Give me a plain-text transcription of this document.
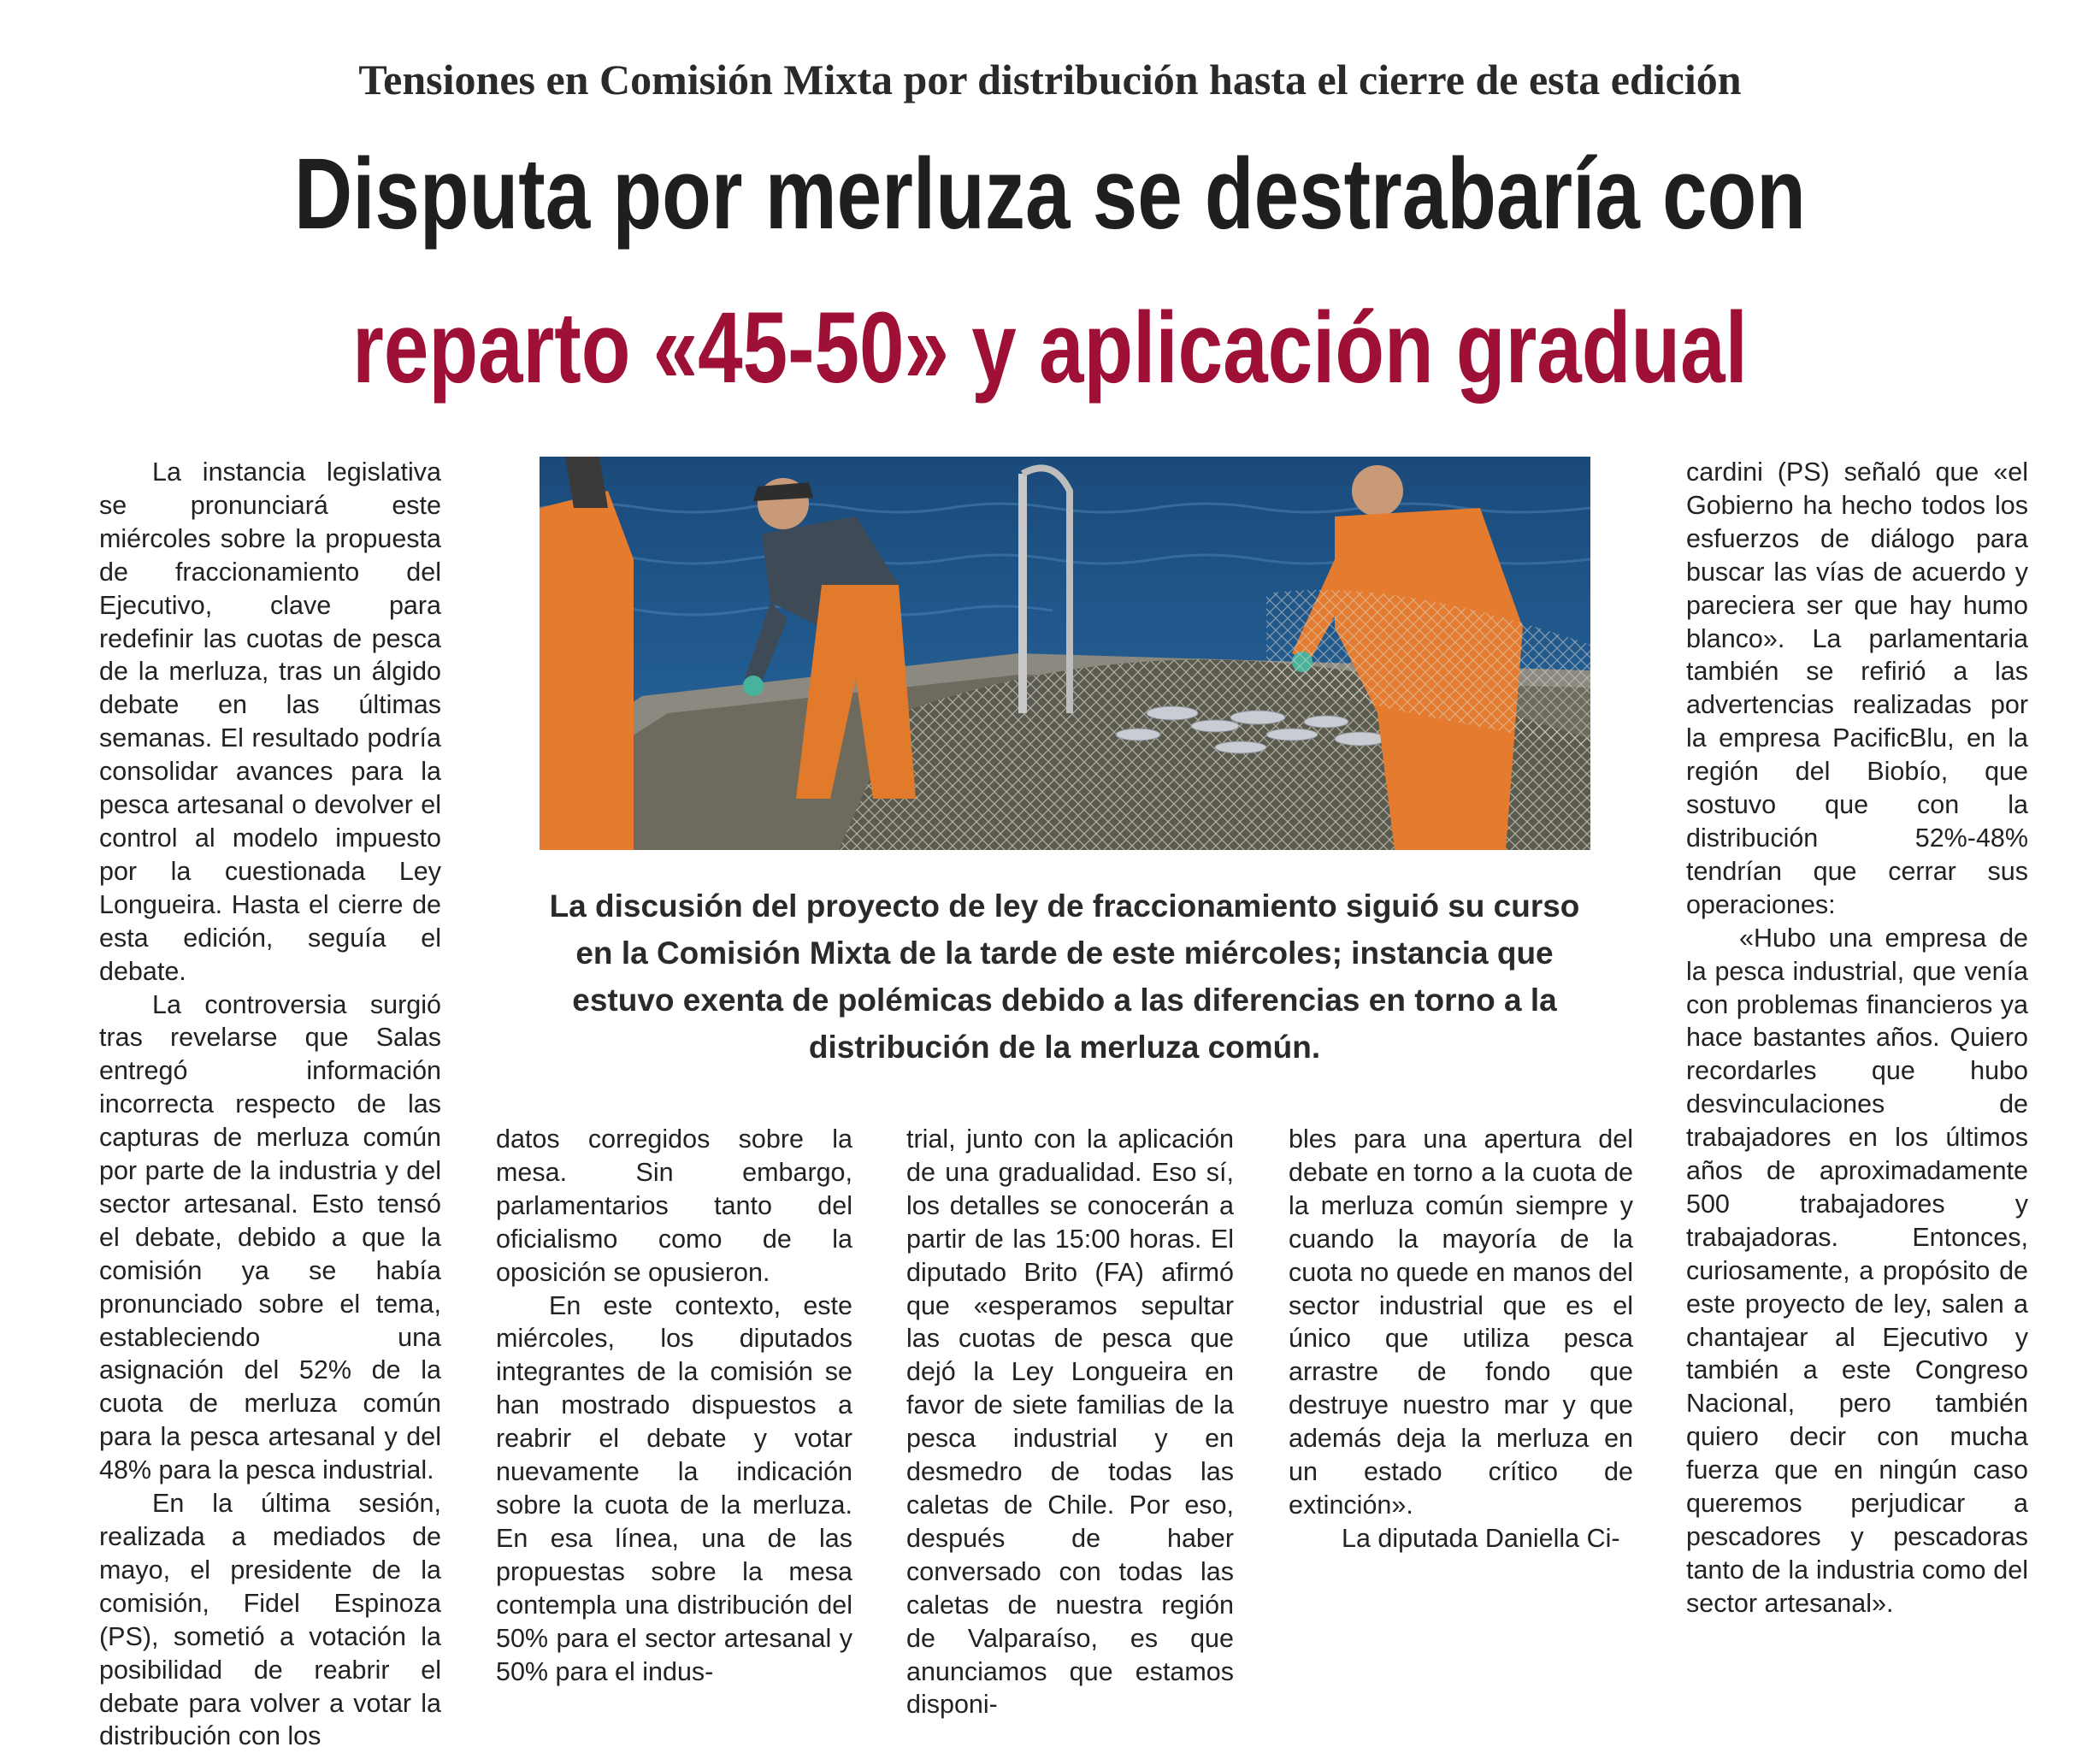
Tensiones en Comisión Mixta por distribución hasta el cierre de esta edición
Disputa por merluza se destrabaría con
reparto «45-50» y aplicación gradual

La instancia legislativa se pronunciará este miércoles sobre la propuesta de fraccionamiento del Ejecutivo, clave para redefinir las cuotas de pesca de la merluza, tras un álgido debate en las últimas semanas. El resultado podría consolidar avances para la pesca artesanal o devolver el control al modelo impuesto por la cuestionada Ley Longueira. Hasta el cierre de esta edición, seguía el debate.

La controversia surgió tras revelarse que Salas entregó información incorrecta respecto de las capturas de merluza común por parte de la industria y del sector artesanal. Esto tensó el debate, debido a que la comisión ya se había pronunciado sobre el tema, estableciendo una asignación del 52% de la cuota de merluza común para la pesca artesanal y del 48% para la pesca industrial.

En la última sesión, realizada a mediados de mayo, el presidente de la comisión, Fidel Espinoza (PS), sometió a votación la posibilidad de reabrir el debate para volver a votar la distribución con los

La discusión del proyecto de ley de fraccionamiento siguió su curso en la Comisión Mixta de la tarde de este miércoles; instancia que estuvo exenta de polémicas debido a las diferencias en torno a la distribución de la merluza común.

datos corregidos sobre la mesa. Sin embargo, parlamentarios tanto del oficialismo como de la oposición se opusieron.

En este contexto, este miércoles, los diputados integrantes de la comisión se han mostrado dispuestos a reabrir el debate y votar nuevamente la indicación sobre la cuota de la merluza. En esa línea, una de las propuestas sobre la mesa contempla una distribución del 50% para el sector artesanal y 50% para el indus-

trial, junto con la aplicación de una gradualidad. Eso sí, los detalles se conocerán a partir de las 15:00 horas. El diputado Brito (FA) afirmó que «esperamos sepultar las cuotas de pesca que dejó la Ley Longueira en favor de siete familias de la pesca industrial y en desmedro de todas las caletas de Chile. Por eso, después de haber conversado con todas las caletas de nuestra región de Valparaíso, es que anunciamos que estamos disponi-

bles para una apertura del debate en torno a la cuota de la merluza común siempre y cuando la mayoría de la cuota no quede en manos del sector industrial que es el único que utiliza pesca arrastre de fondo que destruye nuestro mar y que además deja la merluza en un estado crítico de extinción».

La diputada Daniella Ci-

cardini (PS) señaló que «el Gobierno ha hecho todos los esfuerzos de diálogo para buscar las vías de acuerdo y pareciera ser que hay humo blanco». La parlamentaria también se refirió a las advertencias realizadas por la empresa PacificBlu, en la región del Biobío, que sostuvo que con la distribución 52%-48% tendrían que cerrar sus operaciones:

«Hubo una empresa de la pesca industrial, que venía con problemas financieros ya hace bastantes años. Quiero recordarles que hubo desvinculaciones de trabajadores en los últimos años de aproximadamente 500 trabajadores y trabajadoras. Entonces, curiosamente, a propósito de este proyecto de ley, salen a chantajear al Ejecutivo y también a este Congreso Nacional, pero también quiero decir con mucha fuerza que en ningún caso queremos perjudicar a pescadores y pescadoras tanto de la industria como del sector artesanal».
